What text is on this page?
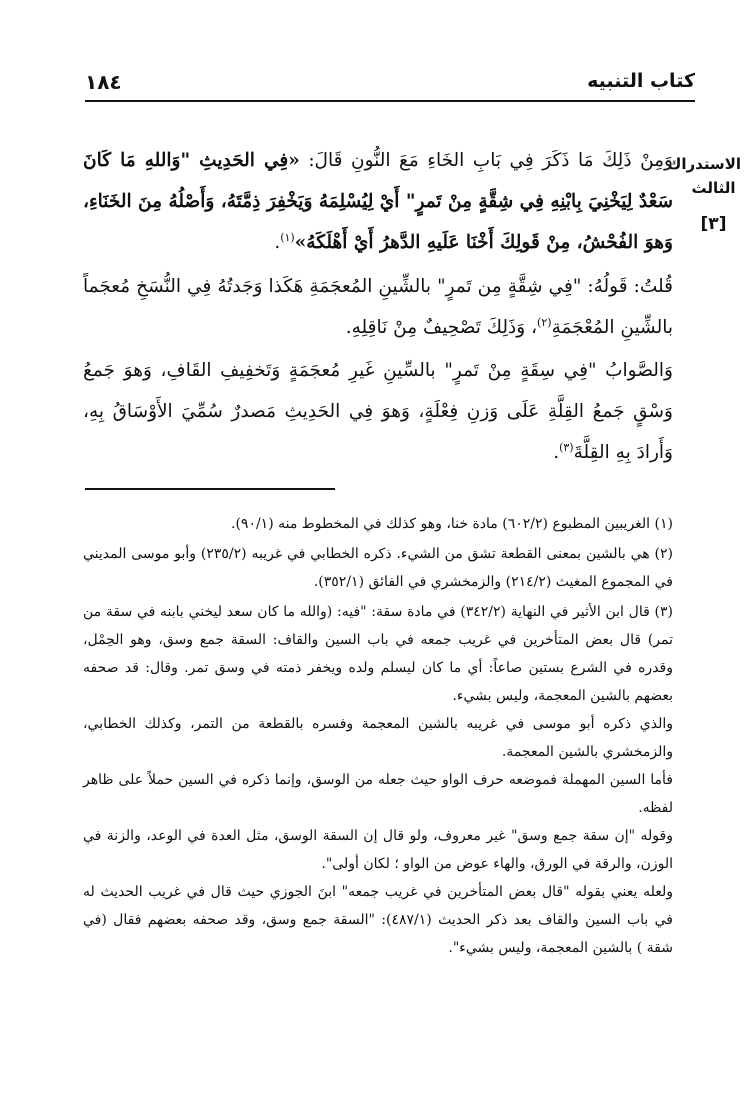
كتاب التنبيه
١٨٤
الاستدراك
الثالث
[٣]

وَمِنْ ذَلِكَ مَا ذَكَرَ فِي بَابِ الخَاءِ مَعَ النُّونِ قَالَ: «فِي الحَدِيثِ "وَاللهِ مَا كَانَ سَعْدٌ لِيَخْنِيَ بِابْنِهِ فِي شِقَّةٍ مِنْ تَمرٍ" أَيْ لِيُسْلِمَهُ وَيَخْفِرَ ذِمَّتَهُ، وَأَصْلُهُ مِنَ الخَنَاءِ، وَهوَ الفُحْشُ، مِنْ قَولِكَ أَخْنَا عَلَيهِ الدَّهرُ أَيْ أَهْلَكَهُ»$^{(١)}$.

قُلتُ: قَولُهُ: "فِي شِقَّةٍ مِن تَمرٍ" بالشِّينِ المُعجَمَةِ هَكَذا وَجَدتُهُ فِي النُّسَخِ مُعجَماً بالشِّينِ المُعْجَمَةِ$^{(٢)}$، وَذَلِكَ تَصْحِيفٌ مِنْ نَاقِلِهِ.

وَالصَّوابُ "فِي سِقَةٍ مِنْ تَمرٍ" بالسِّينِ غَيرِ مُعجَمَةٍ وَتَخفِيفِ القَافِ، وَهوَ جَمعُ وَسْقٍ جَمعُ القِلَّةِ عَلَى وَزنِ فِعْلَةٍ، وَهوَ فِي الحَدِيثِ مَصدرٌ سُمِّيَ الأَوْسَاقُ بِهِ، وَأَرادَ بِهِ القِلَّةَ$^{(٣)}$.

(١) الغريبين المطبوع (٦٠٢/٢) مادة خنا، وهو كذلك في المخطوط منه (٩٠/١).

(٢) هي بالشين بمعنى القطعة تشق من الشيء. ذكره الخطابي في غريبه (٢٣٥/٢) وأبو موسى المديني في المجموع المغيث (٢١٤/٢) والزمخشري في الفائق (٣٥٢/١).

(٣) قال ابن الأثير في النهاية (٣٤٢/٢) في مادة سقة: "فيه: (والله ما كان سعد ليخني بابنه في سقة من تمر) قال بعض المتأخرين في غريب جمعه في باب السين والقاف: السقة جمع وسق، وهو الحِمْل، وقدره في الشرع بستين صاعاً: أي ما كان ليسلم ولده ويخفر ذمته في وسق تمر. وقال: قد صحفه بعضهم بالشين المعجمة، وليس بشيء.

والذي ذكره أبو موسى في غريبه بالشين المعجمة وفسره بالقطعة من التمر، وكذلك الخطابي، والزمخشري بالشين المعجمة.

فأما السين المهملة فموضعه حرف الواو حيث جعله من الوسق، وإنما ذكره في السين حملاً على ظاهر لفظه.

وقوله "إن سقة جمع وسق" غير معروف، ولو قال إن السقة الوسق، مثل العدة في الوعد، والزنة في الوزن، والرقة في الورق، والهاء عوض من الواو ؛ لكان أولى".

ولعله يعني بقوله "قال بعض المتأخرين في غريب جمعه" ابنَ الجوزي حيث قال في غريب الحديث له في باب السين والقاف بعد ذكر الحديث (٤٨٧/١): "السقة جمع وسق، وقد صحفه بعضهم فقال (في شقة ) بالشين المعجمة، وليس بشيء".
